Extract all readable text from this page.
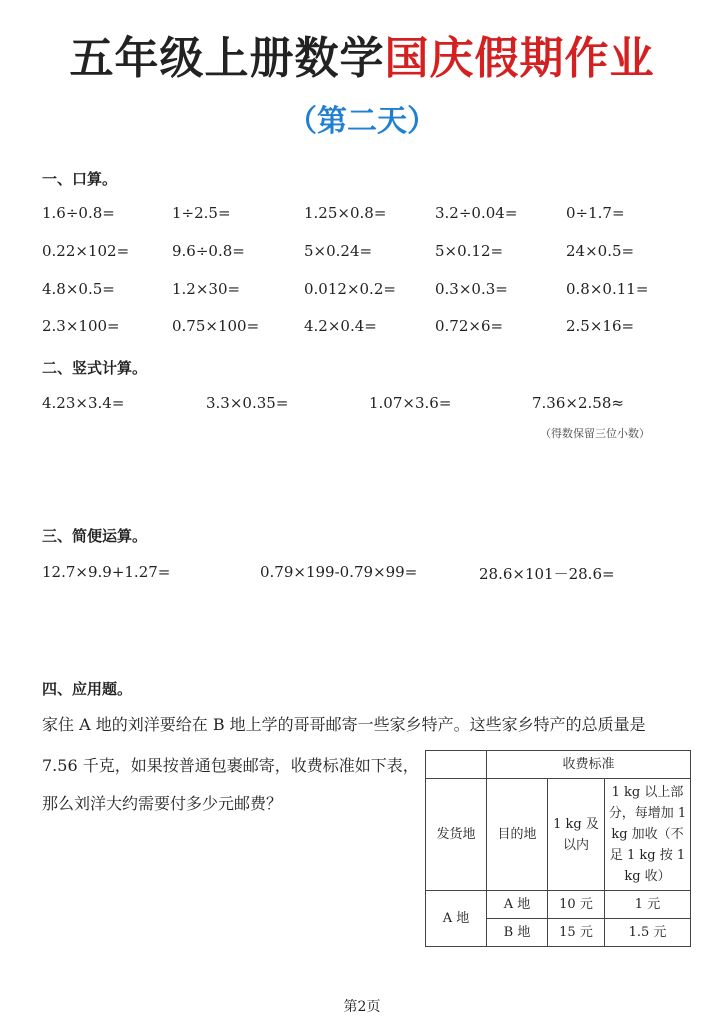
五年级上册数学国庆假期作业
（第二天）
一、口算。
1.6÷0.8=	1÷2.5=	1.25×0.8=	3.2÷0.04=	0÷1.7=
0.22×102=	9.6÷0.8=	5×0.24=	5×0.12=	24×0.5=
4.8×0.5=	1.2×30=	0.012×0.2=	0.3×0.3=	0.8×0.11=
2.3×100=	0.75×100=	4.2×0.4=	0.72×6=	2.5×16=
二、竖式计算。
4.23×3.4=	3.3×0.35=	1.07×3.6=	7.36×2.58≈
（得数保留三位小数）
三、简便运算。
12.7×9.9+1.27=	0.79×199-0.79×99=	28.6×101－28.6=
四、应用题。
家住 A 地的刘洋要给在 B 地上学的哥哥邮寄一些家乡特产。这些家乡特产的总质量是
7.56 千克，如果按普通包裹邮寄，收费标准如下表，
那么刘洋大约需要付多少元邮费？
	收费标准		
发货地	目的地	1 kg 及以内	1 kg 以上部分，每增加 1 kg 加收（不足 1 kg 按 1 kg 收）
A 地	A 地	10 元	1 元
	B 地	15 元	1.5 元
第2页
